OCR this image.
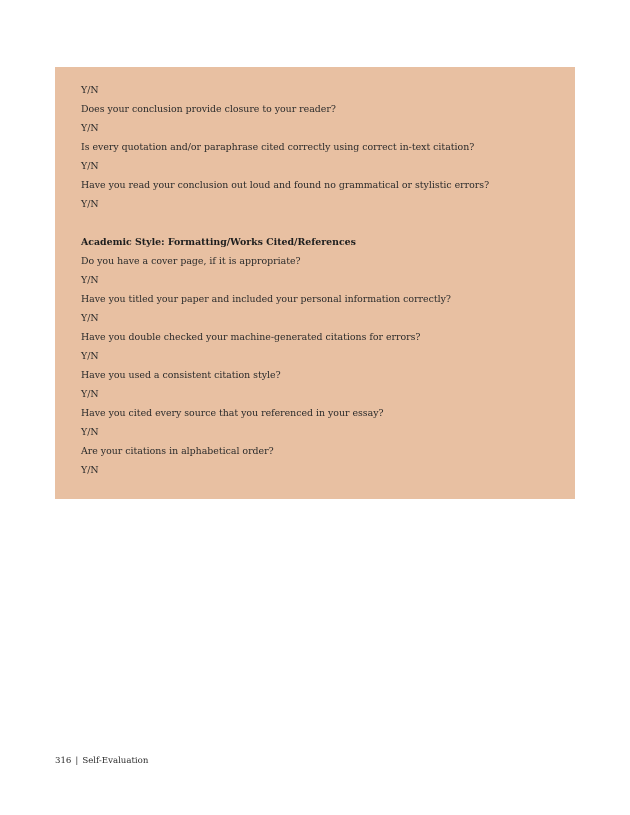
Y/N
Does your conclusion provide closure to your reader?
Y/N
Is every quotation and/or paraphrase cited correctly using correct in-text citation?
Y/N
Have you read your conclusion out loud and found no grammatical or stylistic errors?
Y/N
Academic Style: Formatting/Works Cited/References
Do you have a cover page, if it is appropriate?
Y/N
Have you titled your paper and included your personal information correctly?
Y/N
Have you double checked your machine-generated citations for errors?
Y/N
Have you used a consistent citation style?
Y/N
Have you cited every source that you referenced in your essay?
Y/N
Are your citations in alphabetical order?
Y/N
316 | Self-Evaluation
